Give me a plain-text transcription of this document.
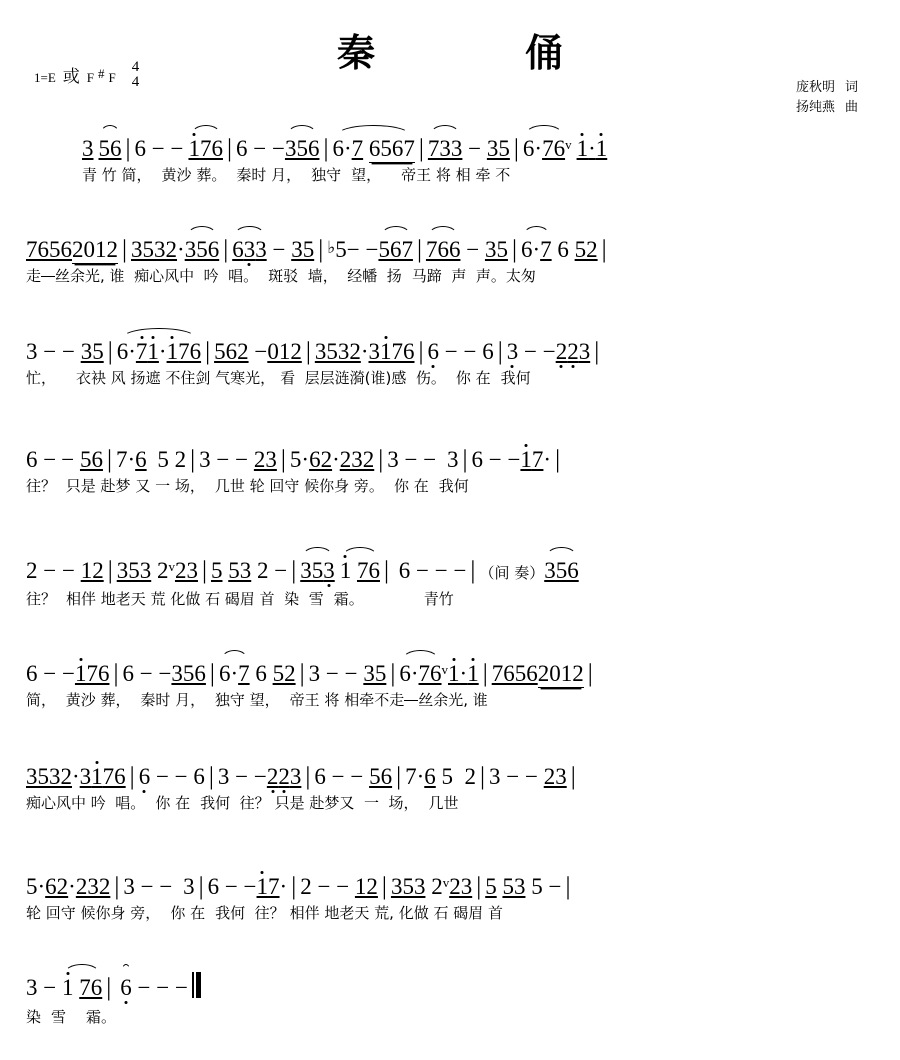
秦　俑
1=E 或 F # F
4
4	庞秋明 词
扬纯燕 曲
3 56 | 6 − − 176 | 6 − −356 | 6·7 6567 | 733 − 35 | $6\cdot 76^v$ 1·1
青 竹 简， 黄沙 葬。 秦时 月， 独守 望， 帝王 将 相 牵 不
76562012 | 3532·356 | 633 − 35 | ♭5− −567 | 766 − 35 | 6·7 6 52 |
走 丝余光, 谁  痴心风中  吟  唱。 斑驳  墙，  经幡  扬 马蹄  声  声。太匆
3 − − 35 | 6·71·176 | 562 −012 | 3532·3176 | 6 − − 6 | 3 − −223 |
忙， 衣袂 风 扬遮 不住剑 气寒光， 看  层层涟漪(谁)感  伤。 你 在 我何
6 − − 56 | 7·6 5 2 | 3 − − 23 | 5·62·232 | 3 − − 3 | 6 − −17· |
往？ 只是 赴梦 又 一 场， 几世 轮 回守 候你身 旁。 你 在 我何
2 − − 12 | 353 2$^v$23 | 5 53 2 − | 353 1 76 | 6 − − − | （间 奏）356
往？ 相伴 地老天 荒 化做 石 碣眉 首  染  雪 霜。	青竹
6 − −176 | 6 − −356 | 6·7 6 52 | 3 − − 35 | $6\cdot 76^v1\cdot 1$ | 76562012 |
简， 黄沙 葬， 秦时 月， 独守 望， 帝王 将 相牵不走 丝余光, 谁
3532·3176 | 6 − − 6 | 3 − −223 | 6 − − 56 | 7·6 5  2 | 3 − − 23 |
痴心风中 吟  唱。 你 在 我何  往？ 只是 赴梦又  一  场， 几世
5·62·232 | 3 − − 3 | 6 − −17· | 2 − − 12 | 353 2$^v$23 | 5 53 5 − |
轮 回守 候你身 旁， 你 在 我何  往？ 相伴 地老天 荒, 化做 石 碣眉 首
3 − 1 76 | 6 − − −
染 雪 霜。
